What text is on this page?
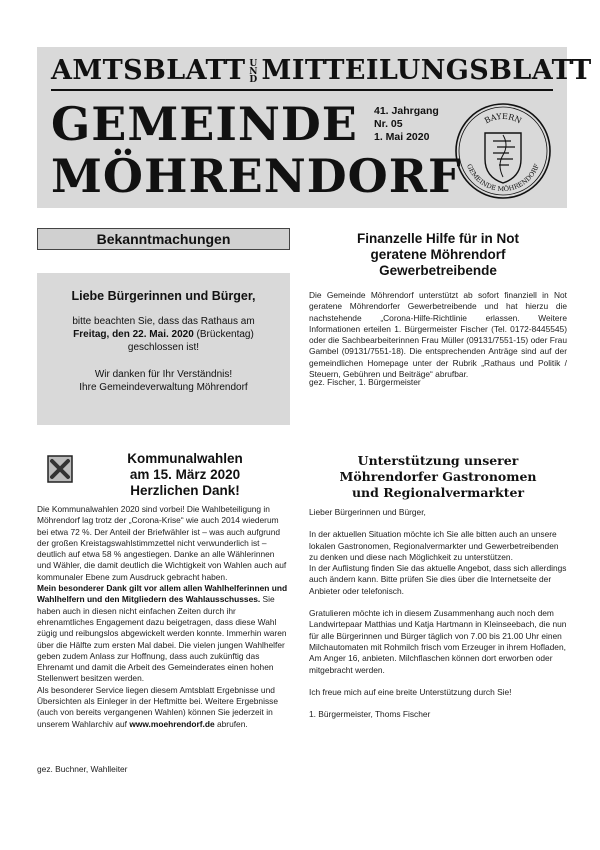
AMTSBLATT U
N
D MITTEILUNGSBLATT
GEMEINDE
MÖHRENDORF
41. Jahrgang
Nr. 05
1. Mai 2020
BAYERN
GEMEINDE MÖHRENDORF
Bekanntmachungen
Liebe Bürgerinnen und Bürger,

bitte beachten Sie, dass das Rathaus am

Freitag, den 22. Mai. 2020 (Brückentag)

geschlossen ist!

Wir danken für Ihr Verständnis!

Ihre Gemeindeverwaltung Möhrendorf

Finanzelle Hilfe für in Not
geratene Möhrendorf
Gewerbetreibende
Die Gemeinde Möhrendorf unterstützt ab sofort finanziell in Not geratene Möhrendorfer Gewerbetreibende und hat hierzu die nachstehende „Corona-Hilfe-Richtlinie erlassen. Weitere Informationen erteilen 1. Bürgermeister Fischer (Tel. 0172-8445545) oder die Sachbearbeiterinnen Frau Müller (09131/7551-15) oder Frau Gambel (09131/7551-18). Die entsprechenden Anträge sind auf der gemeindlichen Homepage unter der Rubrik „Rathaus und Politik / Steuern, Gebühren und Beiträge“ abrufbar.
gez. Fischer, 1. Bürgermeister
Kommunalwahlen
am 15. März 2020
Herzlichen Dank!

Die Kommunalwahlen 2020 sind vorbei! Die Wahlbeteiligung in Möhrendorf lag trotz der „Corona-Krise“ wie auch 2014 wiederum bei etwa 72 %. Der Anteil der Briefwähler ist – was auch aufgrund der großen Kreistagswahlstimmzettel nicht verwunderlich ist – deutlich auf etwa 58 % angestiegen. Danke an alle Wählerinnen und Wähler, die damit deutlich die Wichtigkeit von Wahlen auch auf kommunaler Ebene zum Ausdruck gebracht haben.

Mein besonderer Dank gilt vor allem allen Wahlhelferinnen und Wahlhelfern und den Mitgliedern des Wahlausschusses. Sie haben auch in diesen nicht einfachen Zeiten durch ihr ehrenamtliches Engagement dazu beigetragen, dass diese Wahl zügig und reibungslos abgewickelt werden konnte. Immerhin waren über die Hälfte zum ersten Mal dabei. Die vielen jungen Wahlhelfer geben zudem Anlass zur Hoffnung, dass auch zukünftig das Ehrenamt und damit die Arbeit des Gemeinderates einen hohen Stellenwert besitzen werden.

Als besonderer Service liegen diesem Amtsblatt Ergebnisse und Übersichten als Einleger in der Heftmitte bei. Weitere Ergebnisse (auch von bereits vergangenen Wahlen) können Sie jederzeit in unserem Wahlarchiv auf www.moehrendorf.de abrufen.

gez. Buchner, Wahlleiter
Unterstützung unserer
Möhrendorfer Gastronomen
und Regionalvermarkter

Lieber Bürgerinnen und Bürger,

In der aktuellen Situation möchte ich Sie alle bitten auch an unsere lokalen Gastronomen, Regionalvermarkter und Gewerbetreibenden zu denken und diese nach Möglichkeit zu unterstützen.

In der Auflistung finden Sie das aktuelle Angebot, dass sich allerdings auch ändern kann. Bitte prüfen Sie dies über die Internetseite der Anbieter oder telefonisch.

Gratulieren möchte ich in diesem Zusammenhang auch noch dem Landwirtepaar Matthias und Katja Hartmann in Kleinseebach, die nun für alle Bürgerinnen und Bürger täglich von 7.00 bis 21.00 Uhr einen Milchautomaten mit Rohmilch frisch vom Erzeuger in ihrem Hofladen, Am Anger 16, anbieten. Milchflaschen können dort erworben oder mitgebracht werden.

Ich freue mich auf eine breite Unterstützung durch Sie!

1. Bürgermeister, Thoms Fischer
